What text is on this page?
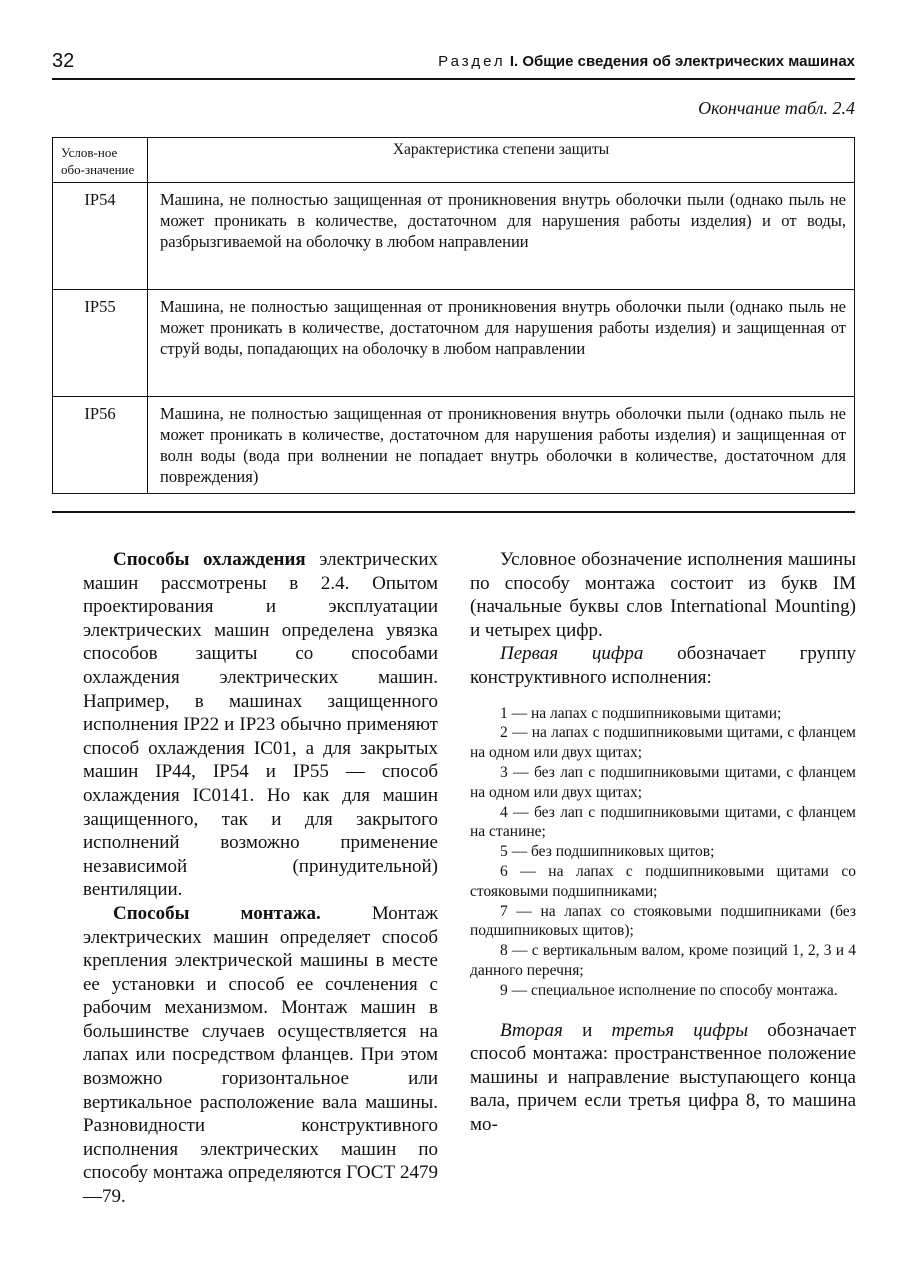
32	Раздел I. Общие сведения об электрических машинах
Окончание табл. 2.4
Услов-ное обо-значение	Характеристика степени защиты
IP54	Машина, не полностью защищенная от проникновения внутрь оболочки пыли (однако пыль не может проникать в количестве, достаточном для нарушения работы изделия) и от воды, разбрызгиваемой на оболочку в любом направлении
IP55	Машина, не полностью защищенная от проникновения внутрь оболочки пыли (однако пыль не может проникать в количестве, достаточном для нарушения работы изделия) и защищенная от струй воды, попадающих на оболочку в любом направлении
IP56	Машина, не полностью защищенная от проникновения внутрь оболочки пыли (однако пыль не может проникать в количестве, достаточном для нарушения работы изделия) и защищенная от волн воды (вода при волнении не попадает внутрь оболочки в количестве, достаточном для повреждения)

Способы охлаждения электрических машин рассмотрены в 2.4. Опытом проектирования и эксплуатации электрических машин определена увязка способов защиты со способами охлаждения электрических машин. Например, в машинах защищенного исполнения IP22 и IP23 обычно применяют способ охлаждения IC01, а для закрытых машин IP44, IP54 и IP55 — способ охлаждения IC0141. Но как для машин защищенного, так и для закрытого исполнений возможно применение независимой (принудительной) вентиляции.

Способы монтажа. Монтаж электрических машин определяет способ крепления электрической машины в месте ее установки и способ ее сочленения с рабочим механизмом. Монтаж машин в большинстве случаев осуществляется на лапах или посредством фланцев. При этом возможно горизонтальное или вертикальное расположение вала машины. Разновидности конструктивного исполнения электрических машин по способу монтажа определяются ГОСТ 2479—79.

Условное обозначение исполнения машины по способу монтажа состоит из букв IM (начальные буквы слов International Mounting) и четырех цифр.

Первая цифра обозначает группу конструктивного исполнения:

1 — на лапах с подшипниковыми щитами;
2 — на лапах с подшипниковыми щитами, с фланцем на одном или двух щитах;
3 — без лап с подшипниковыми щитами, с фланцем на одном или двух щитах;
4 — без лап с подшипниковыми щитами, с фланцем на станине;
5 — без подшипниковых щитов;
6 — на лапах с подшипниковыми щитами со стояковыми подшипниками;
7 — на лапах со стояковыми подшипниками (без подшипниковых щитов);
8 — с вертикальным валом, кроме позиций 1, 2, 3 и 4 данного перечня;
9 — специальное исполнение по способу монтажа.

Вторая и третья цифры обозначает способ монтажа: пространственное положение машины и направление выступающего конца вала, причем если третья цифра 8, то машина мо-
